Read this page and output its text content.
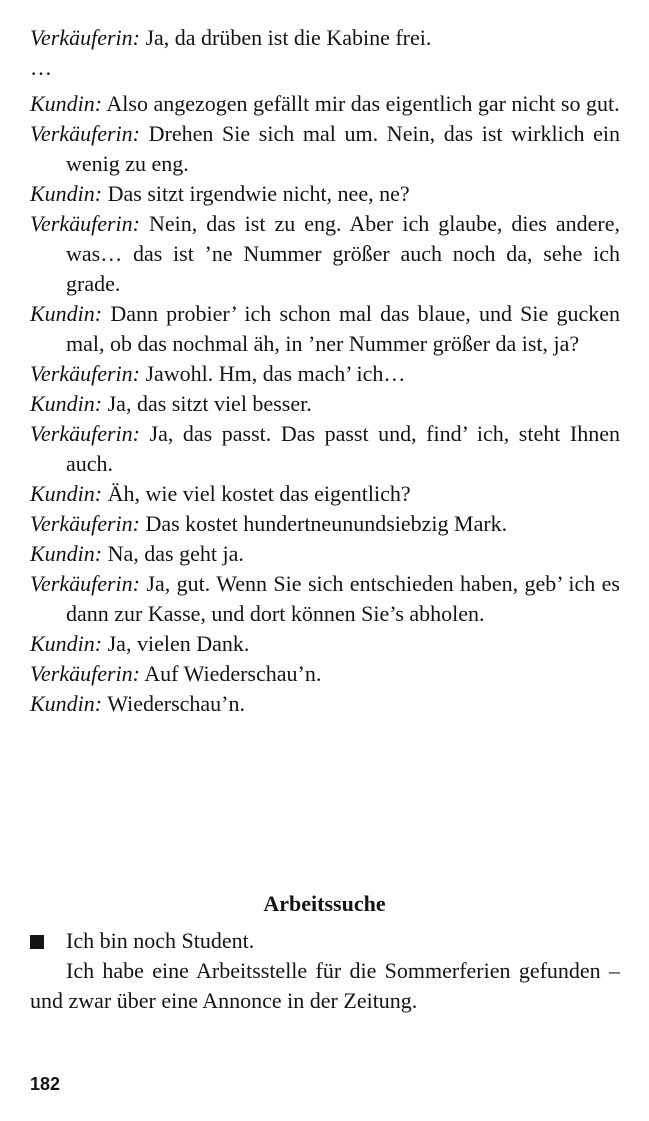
Verkäuferin: Ja, da drüben ist die Kabine frei.
…
Kundin: Also angezogen gefällt mir das eigentlich gar nicht so gut.
Verkäuferin: Drehen Sie sich mal um. Nein, das ist wirklich ein wenig zu eng.
Kundin: Das sitzt irgendwie nicht, nee, ne?
Verkäuferin: Nein, das ist zu eng. Aber ich glaube, dies andere, was… das ist ’ne Nummer größer auch noch da, sehe ich grade.
Kundin: Dann probier’ ich schon mal das blaue, und Sie gucken mal, ob das nochmal äh, in ’ner Nummer größer da ist, ja?
Verkäuferin: Jawohl. Hm, das mach’ ich…
Kundin: Ja, das sitzt viel besser.
Verkäuferin: Ja, das passt. Das passt und, find’ ich, steht Ihnen auch.
Kundin: Äh, wie viel kostet das eigentlich?
Verkäuferin: Das kostet hundertneunundsiebzig Mark.
Kundin: Na, das geht ja.
Verkäuferin: Ja, gut. Wenn Sie sich entschieden haben, geb’ ich es dann zur Kasse, und dort können Sie’s abholen.
Kundin: Ja, vielen Dank.
Verkäuferin: Auf Wiederschau’n.
Kundin: Wiederschau’n.
Arbeitssuche
Ich bin noch Student.
Ich habe eine Arbeitsstelle für die Sommerferien gefunden – und zwar über eine Annonce in der Zeitung.
182
